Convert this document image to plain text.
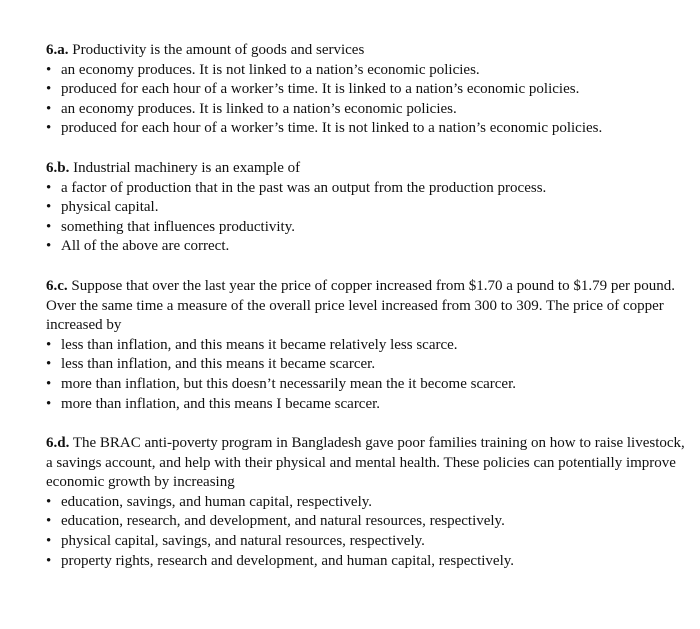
6.a. Productivity is the amount of goods and services

• an economy produces. It is not linked to a nation’s economic policies.
• produced for each hour of a worker’s time. It is linked to a nation’s economic policies.
• an economy produces. It is linked to a nation’s economic policies.
• produced for each hour of a worker’s time. It is not linked to a nation’s economic policies.

6.b. Industrial machinery is an example of

• a factor of production that in the past was an output from the production process.
• physical capital.
• something that influences productivity.
• All of the above are correct.

6.c. Suppose that over the last year the price of copper increased from $1.70 a pound to $1.79 per pound. Over the same time a measure of the overall price level increased from 300 to 309. The price of copper increased by

• less than inflation, and this means it became relatively less scarce.
• less than inflation, and this means it became scarcer.
• more than inflation, but this doesn’t necessarily mean the it become scarcer.
• more than inflation, and this means I became scarcer.

6.d. The BRAC anti-poverty program in Bangladesh gave poor families training on how to raise livestock, a savings account, and help with their physical and mental health. These policies can potentially improve economic growth by increasing

• education, savings, and human capital, respectively.
• education, research, and development, and natural resources, respectively.
• physical capital, savings, and natural resources, respectively.
• property rights, research and development, and human capital, respectively.
